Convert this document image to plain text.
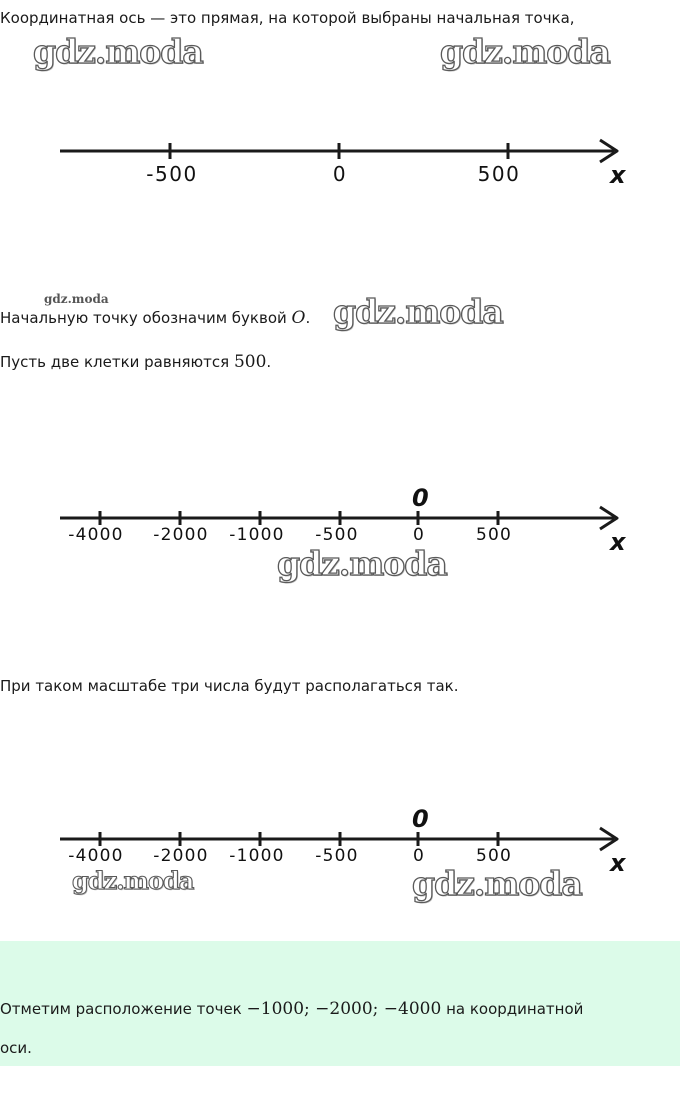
Координатная ось — это прямая, на которой выбраны начальная точка,
gdz.moda	gdz.moda
-500	0	500	x
gdz.moda
Начальную точку обозначим буквой O. gdz.moda
Пусть две клетки равняются 500.
0
-4000 -2000 -1000 -500	0	500	x
gdz.moda
При таком масштабе три числа будут располагаться так.
0
-4000 -2000 -1000 -500	0	500	x
gdz.moda	gdz.moda
Отметим расположение точек −1000; −2000; −4000 на координатной
оси.
